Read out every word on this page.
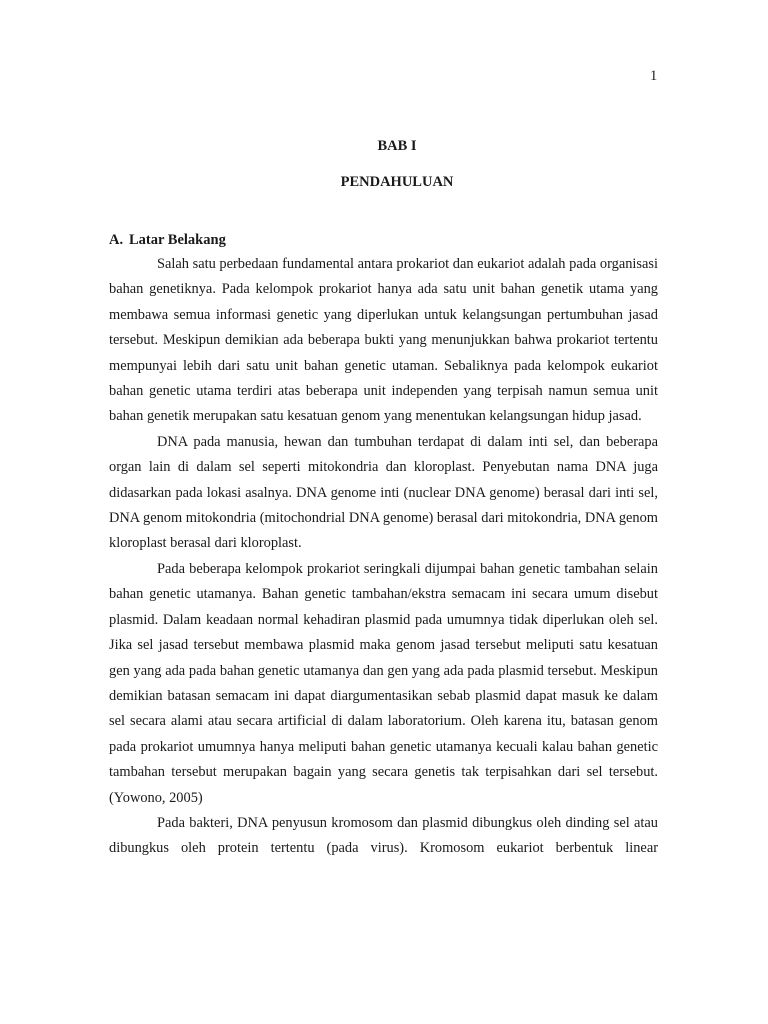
1
BAB I
PENDAHULUAN
A. Latar Belakang

Salah satu perbedaan fundamental antara prokariot dan eukariot adalah pada organisasi bahan genetiknya. Pada kelompok prokariot hanya ada satu unit bahan genetik utama yang membawa semua informasi genetic yang diperlukan untuk kelangsungan pertumbuhan jasad tersebut. Meskipun demikian ada beberapa bukti yang menunjukkan bahwa prokariot tertentu mempunyai lebih dari satu unit bahan genetic utaman. Sebaliknya pada kelompok eukariot bahan genetic utama terdiri atas beberapa unit independen yang terpisah namun semua unit bahan genetik merupakan satu kesatuan genom yang menentukan kelangsungan hidup jasad.

DNA pada manusia, hewan dan tumbuhan terdapat di dalam inti sel, dan beberapa organ lain di dalam sel seperti mitokondria dan kloroplast. Penyebutan nama DNA juga didasarkan pada lokasi asalnya. DNA genome inti (nuclear DNA genome) berasal dari inti sel, DNA genom mitokondria (mitochondrial DNA genome) berasal dari mitokondria, DNA genom kloroplast berasal dari kloroplast.

Pada beberapa kelompok prokariot seringkali dijumpai bahan genetic tambahan selain bahan genetic utamanya. Bahan genetic tambahan/ekstra semacam ini secara umum disebut plasmid. Dalam keadaan normal kehadiran plasmid pada umumnya tidak diperlukan oleh sel. Jika sel jasad tersebut membawa plasmid maka genom jasad tersebut meliputi satu kesatuan gen yang ada pada bahan genetic utamanya dan gen yang ada pada plasmid tersebut. Meskipun demikian batasan semacam ini dapat diargumentasikan sebab plasmid dapat masuk ke dalam sel secara alami atau secara artificial di dalam laboratorium. Oleh karena itu, batasan genom pada prokariot umumnya hanya meliputi bahan genetic utamanya kecuali kalau bahan genetic tambahan tersebut merupakan bagain yang secara genetis tak terpisahkan dari sel tersebut. (Yowono, 2005)

Pada bakteri, DNA penyusun kromosom dan plasmid dibungkus oleh dinding sel atau dibungkus oleh protein tertentu (pada virus). Kromosom eukariot berbentuk linear
